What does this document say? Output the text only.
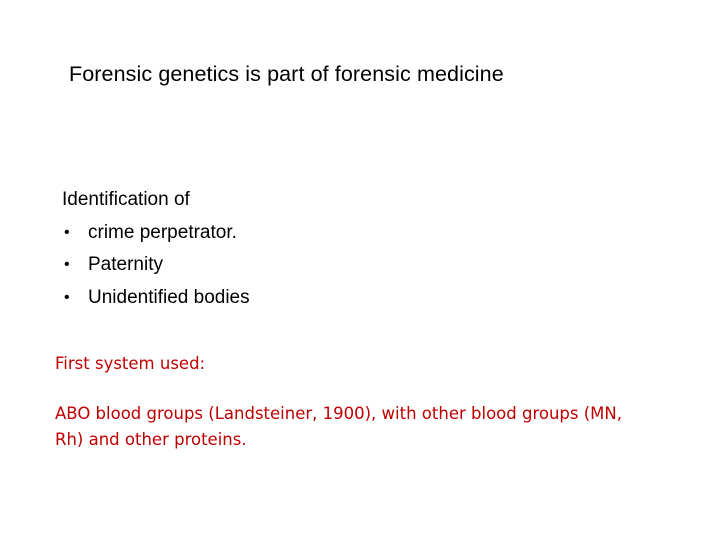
Forensic genetics is part of forensic medicine
Identification of
• crime perpetrator.
• Paternity
• Unidentified bodies
First system used:
ABO blood groups (Landsteiner, 1900), with other blood groups (MN,
Rh) and other proteins.
